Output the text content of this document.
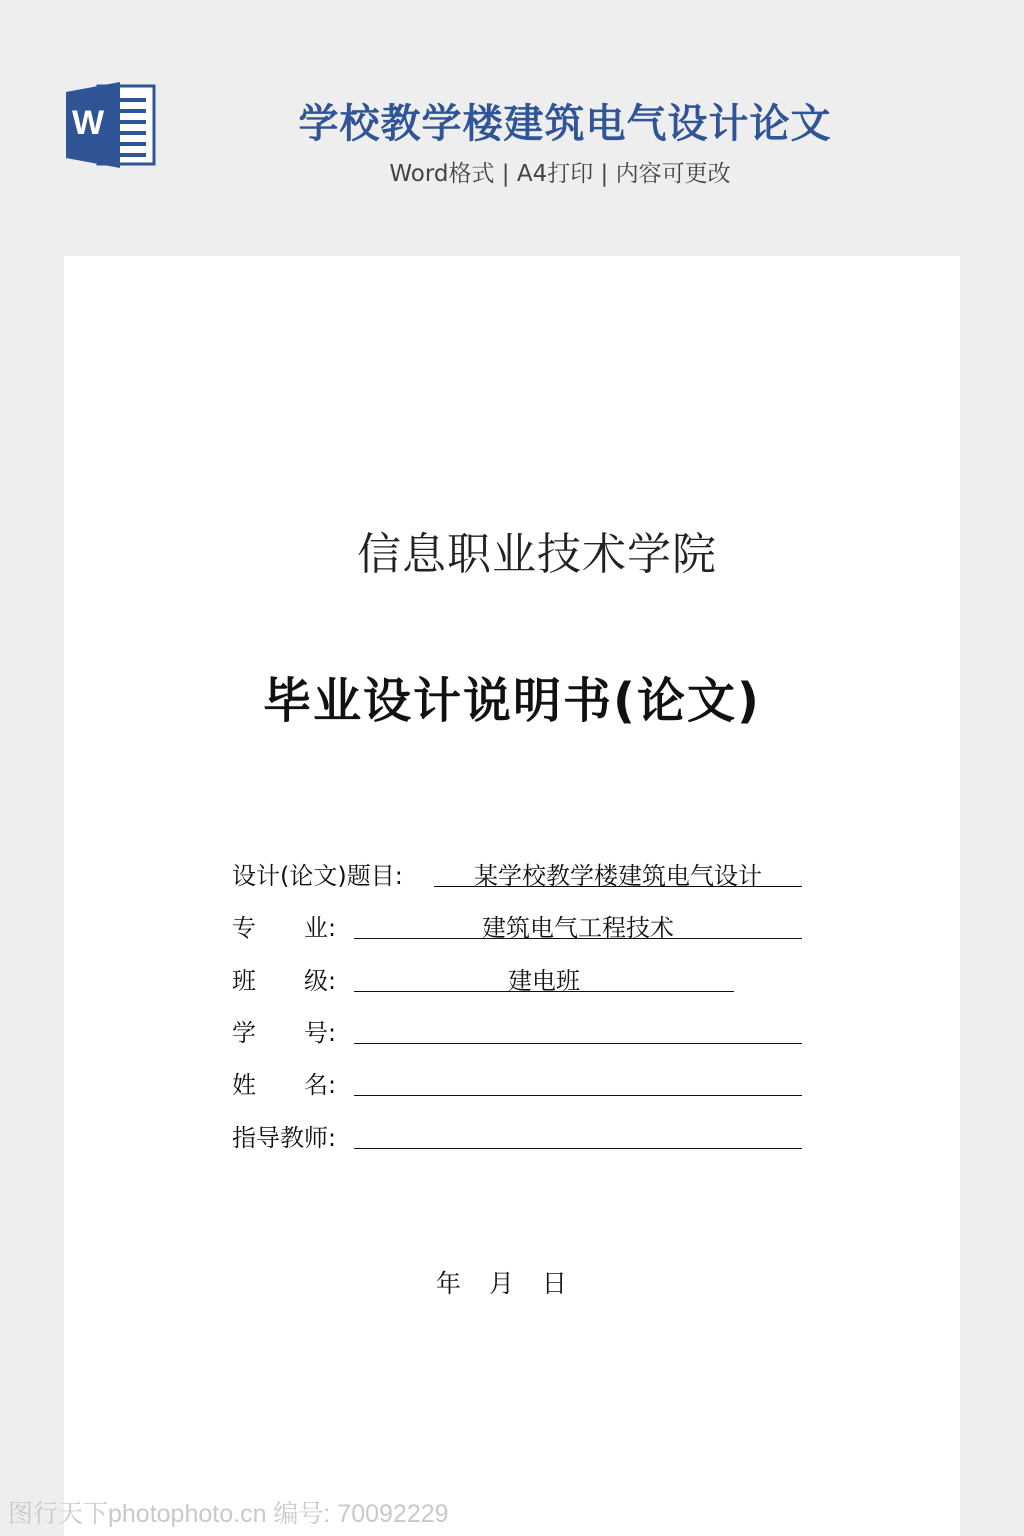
W	学校教学楼建筑电气设计论文
Word格式 | A4打印 | 内容可更改
信息职业技术学院
毕业设计说明书(论文)
设计(论文)题目:	某学校教学楼建筑电气设计
专　　业:	建筑电气工程技术
班　　级:	建电班
学　　号:
姓　　名:
指导教师:
年 月 日
图行天下photophoto.cn 编号: 70092229
